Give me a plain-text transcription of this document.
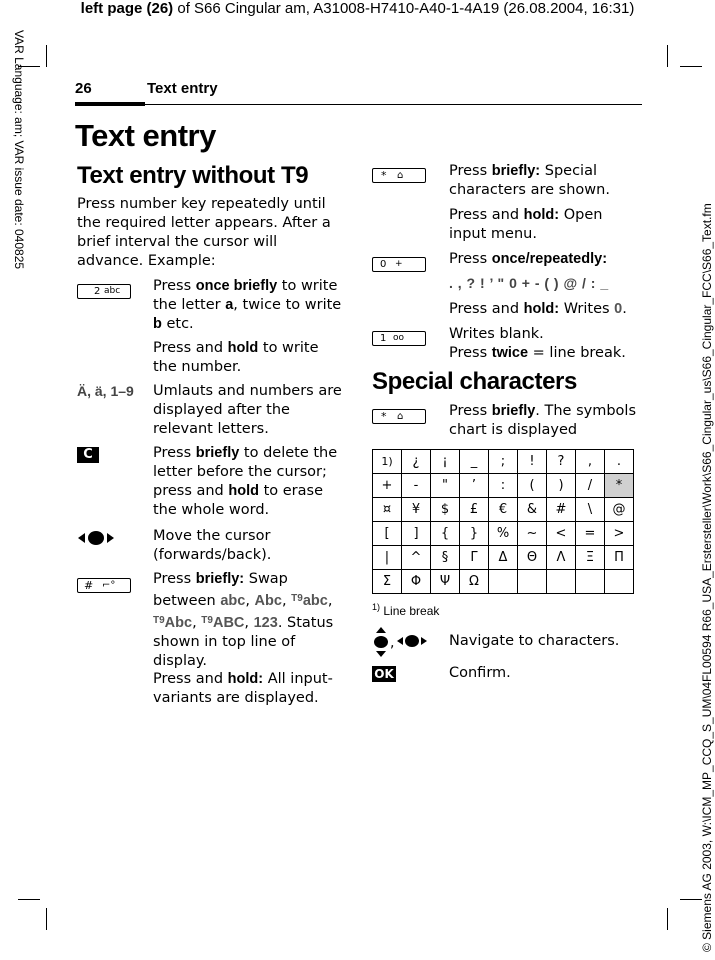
left page (26) of S66 Cingular am, A31008-H7410-A40-1-4A19 (26.08.2004, 16:31)
VAR Language: am; VAR issue date: 040825
© Siemens AG 2003, W:\ICM_MP_CCQ_S_UM\04FL00594 R66_USA_Erstersteller\Work\S66_Cingular_us\S66_Cingular_FCC\S66_Text.fm
26	Text entry
Text entry
Text entry without T9
Press number key repeatedly until the required letter appears. After a brief interval the cursor will advance. Example:
2 abc Press once briefly to write the letter a, twice to write b etc.
Press and hold to write the number.
Ä, ä, 1–9 Umlauts and numbers are displayed after the relevant letters.
C	Press briefly to delete the letter before the cursor; press and hold to erase the whole word.
Move the cursor (forwards/back).
# ⌐°	Press briefly: Swap between abc, Abc, $^{T9}$abc, $^{T9}$Abc, $^{T9}$ABC, 123. Status shown in top line of display.
Press and hold: All input-variants are displayed.
* ⌂	Press briefly: Special characters are shown.
Press and hold: Open input menu.
0 +	Press once/repeatedly:
. , ? ! ’ " 0 + - ( ) @ / : _
Press and hold: Writes 0.
1 oo	Writes blank.
Press twice = line break.
Special characters
* ⌂	Press briefly. The symbols chart is displayed
1)	¿	¡	_	;	!	?	,	.
+	-	"	’	:	(	)	/	*
¤	¥	$	£	€	&	#	\	@
[	]	{	}	%	~	<	=	>
|	^	§	Γ	Δ	Θ	Λ	Ξ	Π
Σ	Φ	Ψ	Ω					
$^{1)}$ Line break
,	Navigate to characters.
OK	Confirm.
